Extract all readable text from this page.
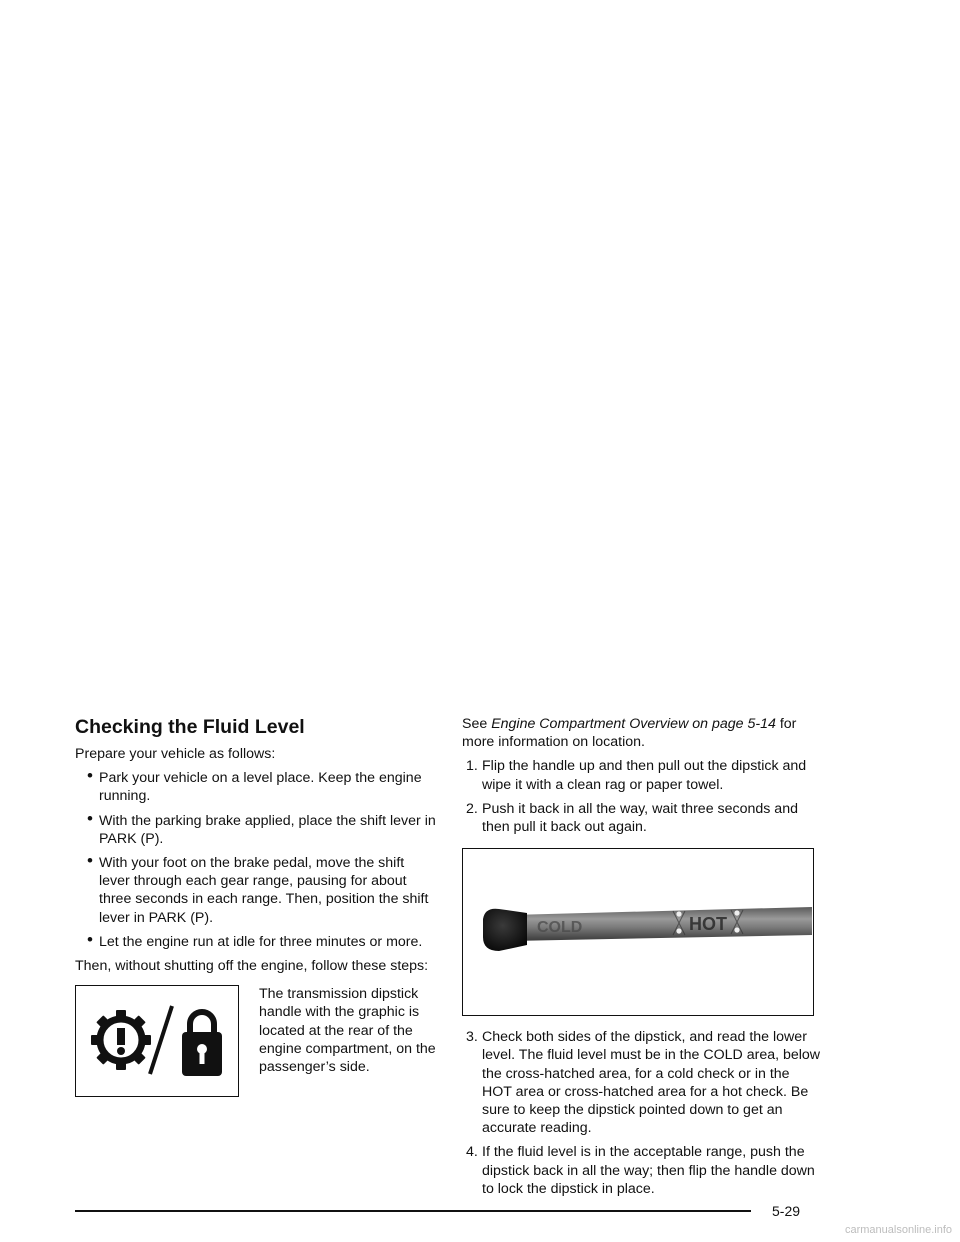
Checking the Fluid Level

Prepare your vehicle as follows:

• Park your vehicle on a level place. Keep the engine running.
• With the parking brake applied, place the shift lever in PARK (P).
• With your foot on the brake pedal, move the shift lever through each gear range, pausing for about three seconds in each range. Then, position the shift lever in PARK (P).
• Let the engine run at idle for three minutes or more.

Then, without shutting off the engine, follow these steps:

The transmission dipstick handle with the graphic is located at the rear of the engine compartment, on the passenger’s side.

See Engine Compartment Overview on page 5-14 for more information on location.

1. Flip the handle up and then pull out the dipstick and wipe it with a clean rag or paper towel.
2. Push it back in all the way, wait three seconds and then pull it back out again.
COLD	HOT
3. Check both sides of the dipstick, and read the lower level. The fluid level must be in the COLD area, below the cross-hatched area, for a cold check or in the HOT area or cross-hatched area for a hot check. Be sure to keep the dipstick pointed down to get an accurate reading.
4. If the fluid level is in the acceptable range, push the dipstick back in all the way; then flip the handle down to lock the dipstick in place.
5-29
carmanualsonline.info
